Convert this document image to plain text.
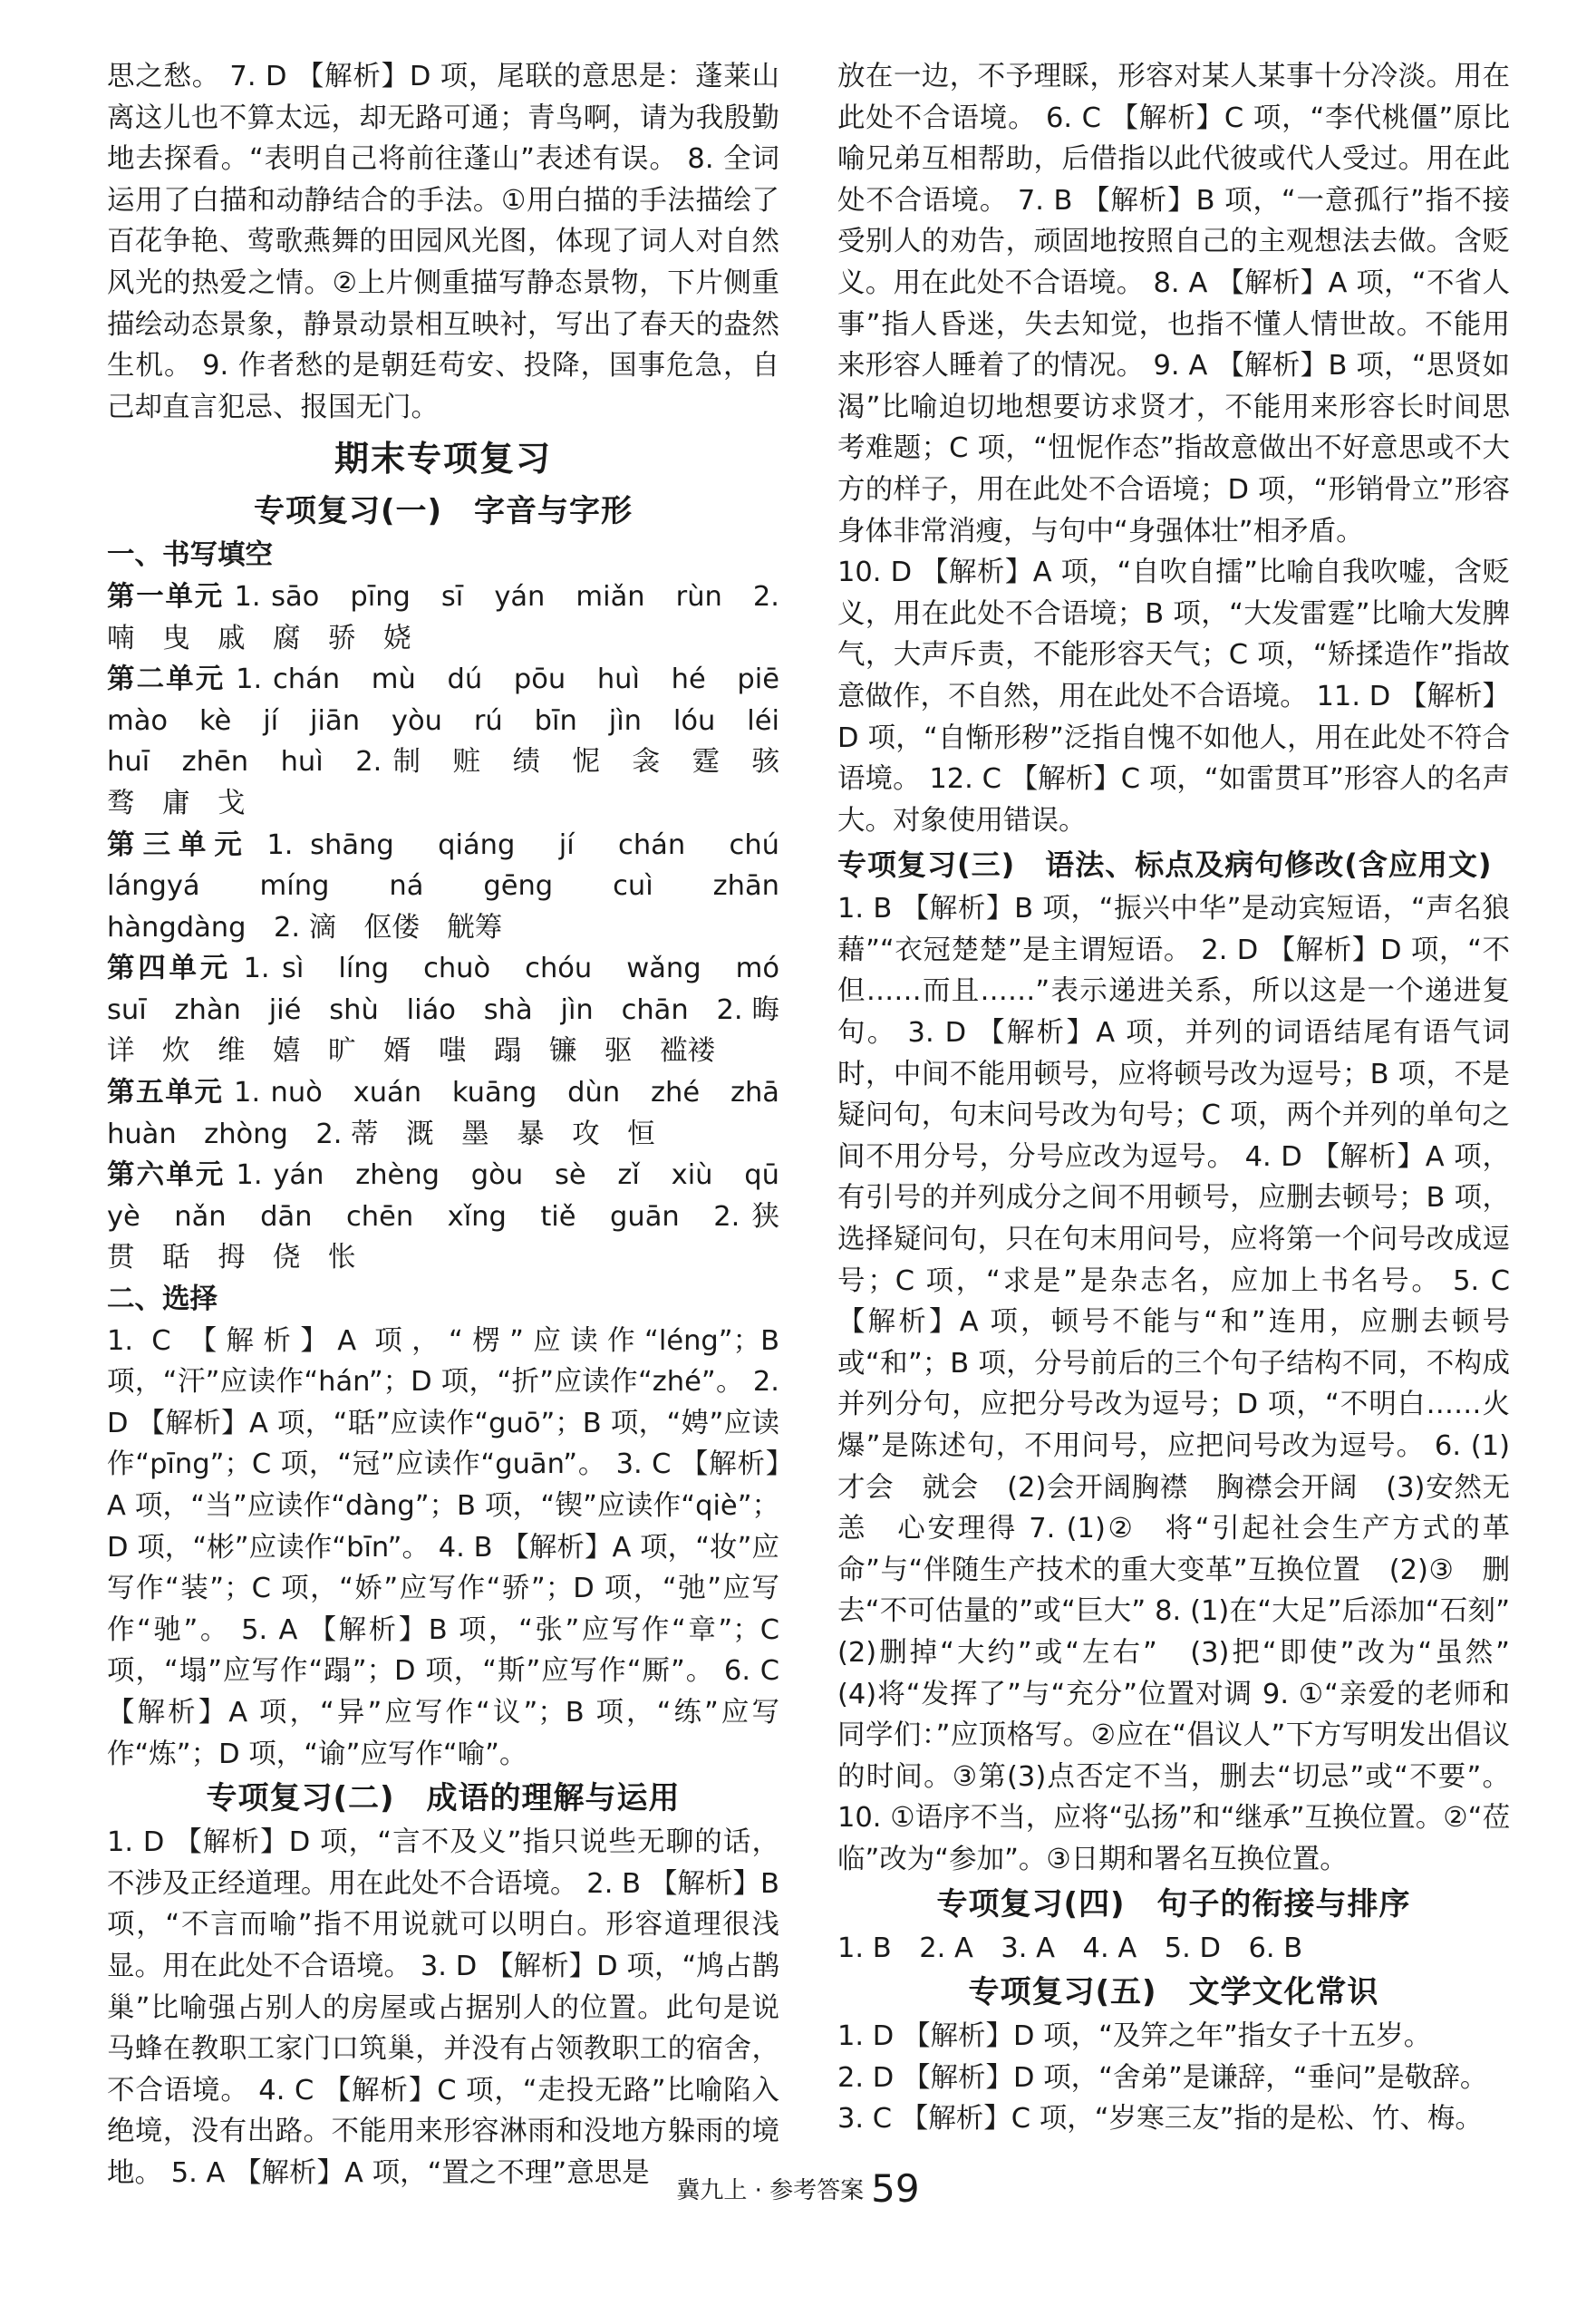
思之愁。 7. D 【解析】D 项，尾联的意思是：蓬莱山离这儿也不算太远，却无路可通；青鸟啊，请为我殷勤地去探看。“表明自己将前往蓬山”表述有误。 8. 全词运用了白描和动静结合的手法。①用白描的手法描绘了百花争艳、莺歌燕舞的田园风光图，体现了词人对自然风光的热爱之情。②上片侧重描写静态景物，下片侧重描绘动态景象，静景动景相互映衬，写出了春天的盎然生机。 9. 作者愁的是朝廷苟安、投降，国事危急，自己却直言犯忌、报国无门。

期末专项复习
专项复习(一)　字音与字形
一、书写填空

第一单元 1. sāo　pīng　sī　yán　miǎn　rùn　2. 喃　曳　戚　腐　骄　娆

第二单元 1. chán　mù　dú　pōu　huì　hé　piē　mào　kè　jí　jiān　yòu　rú　bīn　jìn　lóu　léi　huī　zhēn　huì　2. 制　赃　绩　怩　衾　霆　骇　骛　庸　戈

第三单元 1. shāng　qiáng　jí　chán　chú　lángyá　míng　ná　gēng　cuì　zhān　hàngdàng　2. 滴　伛偻　觥筹

第四单元 1. sì　líng　chuò　chóu　wǎng　mó　suī　zhàn　jié　shù　liáo　shà　jìn　chān　2. 晦　详　炊　维　嬉　旷　婿　嗤　蹋　镰　驱　褴褛

第五单元 1. nuò　xuán　kuāng　dùn　zhé　zhā　huàn　zhòng　2. 蒂　溉　墨　暴　攻　恒

第六单元 1. yán　zhèng　gòu　sè　zǐ　xiù　qū　yè　nǎn　dān　chēn　xǐng　tiě　guān　2. 狭　贯　聒　拇　侥　怅

二、选择

1. C 【解析】A 项，“楞”应读作“léng”；B 项，“汗”应读作“hán”；D 项，“折”应读作“zhé”。 2. D 【解析】A 项，“聒”应读作“guō”；B 项，“娉”应读作“pīng”；C 项，“冠”应读作“guān”。 3. C 【解析】A 项，“当”应读作“dàng”；B 项，“锲”应读作“qiè”；D 项，“彬”应读作“bīn”。 4. B 【解析】A 项，“妆”应写作“装”；C 项，“娇”应写作“骄”；D 项，“弛”应写作“驰”。 5. A 【解析】B 项，“张”应写作“章”；C 项，“塌”应写作“蹋”；D 项，“斯”应写作“厮”。 6. C 【解析】A 项，“异”应写作“议”；B 项，“练”应写作“炼”；D 项，“谕”应写作“喻”。

专项复习(二)　成语的理解与运用

1. D 【解析】D 项，“言不及义”指只说些无聊的话，不涉及正经道理。用在此处不合语境。 2. B 【解析】B 项，“不言而喻”指不用说就可以明白。形容道理很浅显。用在此处不合语境。 3. D 【解析】D 项，“鸠占鹊巢”比喻强占别人的房屋或占据别人的位置。此句是说马蜂在教职工家门口筑巢，并没有占领教职工的宿舍，不合语境。 4. C 【解析】C 项，“走投无路”比喻陷入绝境，没有出路。不能用来形容淋雨和没地方躲雨的境地。 5. A 【解析】A 项，“置之不理”意思是

放在一边，不予理睬，形容对某人某事十分冷淡。用在此处不合语境。 6. C 【解析】C 项，“李代桃僵”原比喻兄弟互相帮助，后借指以此代彼或代人受过。用在此处不合语境。 7. B 【解析】B 项，“一意孤行”指不接受别人的劝告，顽固地按照自己的主观想法去做。含贬义。用在此处不合语境。 8. A 【解析】A 项，“不省人事”指人昏迷，失去知觉，也指不懂人情世故。不能用来形容人睡着了的情况。 9. A 【解析】B 项，“思贤如渴”比喻迫切地想要访求贤才，不能用来形容长时间思考难题；C 项，“忸怩作态”指故意做出不好意思或不大方的样子，用在此处不合语境；D 项，“形销骨立”形容身体非常消瘦，与句中“身强体壮”相矛盾。

10. D 【解析】A 项，“自吹自擂”比喻自我吹嘘，含贬义，用在此处不合语境；B 项，“大发雷霆”比喻大发脾气，大声斥责，不能形容天气；C 项，“矫揉造作”指故意做作，不自然，用在此处不合语境。 11. D 【解析】D 项，“自惭形秽”泛指自愧不如他人，用在此处不符合语境。 12. C 【解析】C 项，“如雷贯耳”形容人的名声大。对象使用错误。

专项复习(三)　语法、标点及病句修改(含应用文)

1. B 【解析】B 项，“振兴中华”是动宾短语，“声名狼藉”“衣冠楚楚”是主谓短语。 2. D 【解析】D 项，“不但……而且……”表示递进关系，所以这是一个递进复句。 3. D 【解析】A 项，并列的词语结尾有语气词时，中间不能用顿号，应将顿号改为逗号；B 项，不是疑问句，句末问号改为句号；C 项，两个并列的单句之间不用分号，分号应改为逗号。 4. D 【解析】A 项，有引号的并列成分之间不用顿号，应删去顿号；B 项，选择疑问句，只在句末用问号，应将第一个问号改成逗号；C 项，“求是”是杂志名，应加上书名号。 5. C 【解析】A 项，顿号不能与“和”连用，应删去顿号或“和”；B 项，分号前后的三个句子结构不同，不构成并列分句，应把分号改为逗号；D 项，“不明白……火爆”是陈述句，不用问号，应把问号改为逗号。 6. (1)才会　就会　(2)会开阔胸襟　胸襟会开阔　(3)安然无恙　心安理得 7. (1)②　将“引起社会生产方式的革命”与“伴随生产技术的重大变革”互换位置　(2)③　删去“不可估量的”或“巨大” 8. (1)在“大足”后添加“石刻”　(2)删掉“大约”或“左右”　(3)把“即使”改为“虽然”　(4)将“发挥了”与“充分”位置对调 9. ①“亲爱的老师和同学们：”应顶格写。②应在“倡议人”下方写明发出倡议的时间。③第(3)点否定不当，删去“切忌”或“不要”。 10. ①语序不当，应将“弘扬”和“继承”互换位置。②“莅临”改为“参加”。③日期和署名互换位置。

专项复习(四)　句子的衔接与排序

1. B　2. A　3. A　4. A　5. D　6. B

专项复习(五)　文学文化常识

1. D 【解析】D 项，“及笄之年”指女子十五岁。

2. D 【解析】D 项，“舍弟”是谦辞，“垂问”是敬辞。

3. C 【解析】C 项，“岁寒三友”指的是松、竹、梅。

冀九上 · 参考答案 59
